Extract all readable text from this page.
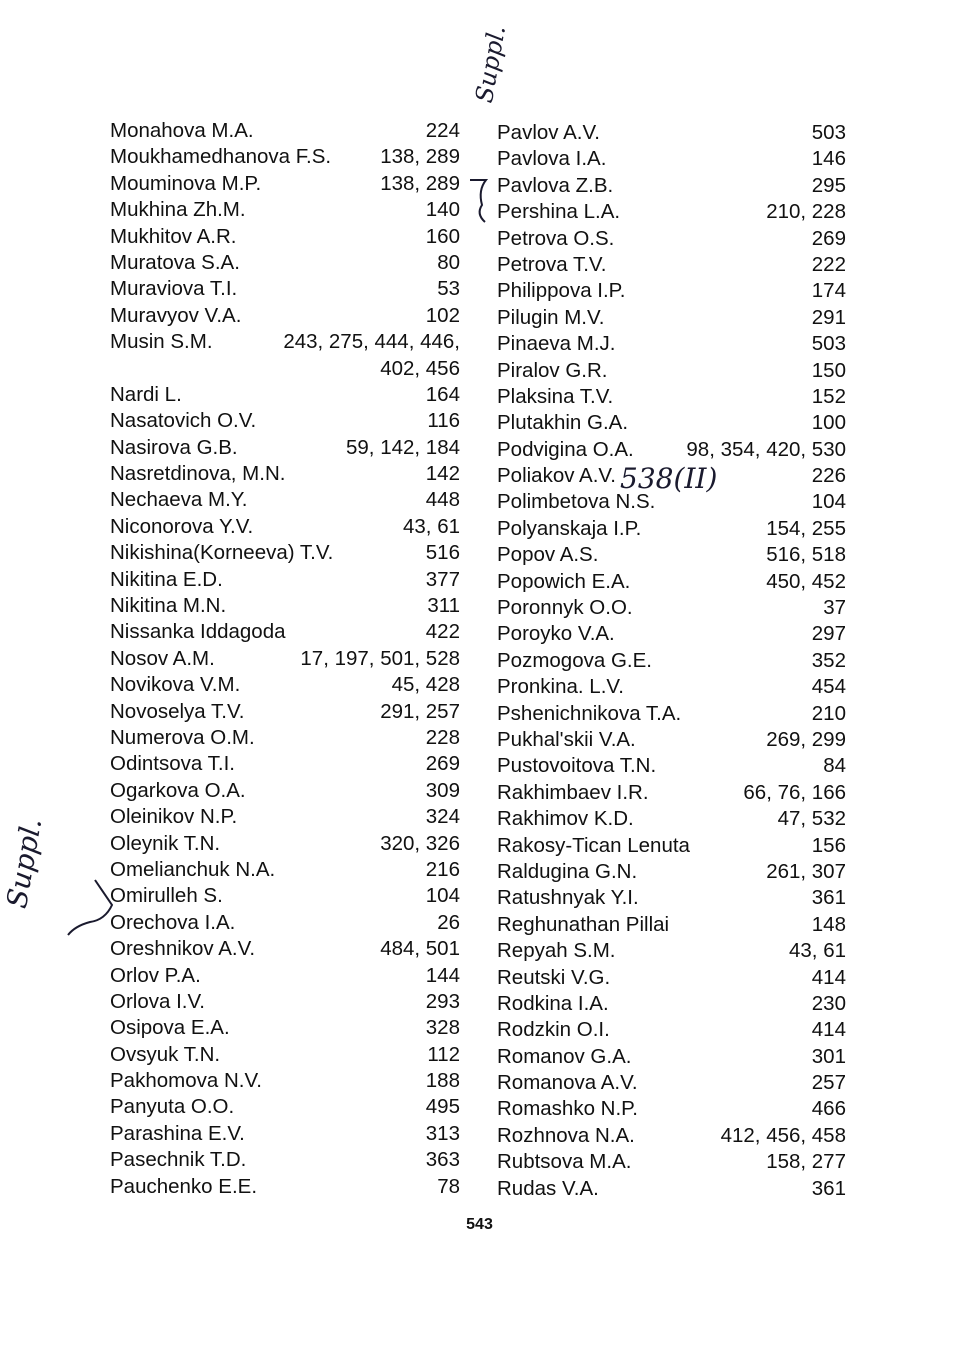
Monahova M.A.	224
Moukhamedhanova F.S. 138, 289
Mouminova M.P.	138, 289
Mukhina Zh.M.	140
Mukhitov A.R.	160
Muratova S.A.	80
Muraviova T.I.	53
Muravyov V.A.	102
Musin S.M.	243, 275, 444, 446,
402, 456
Nardi L.	164
Nasatovich O.V.	116
Nasirova G.B.	59, 142, 184
Nasretdinova, M.N.	142
Nechaeva M.Y.	448
Niconorova Y.V.	43, 61
Nikishina(Korneeva) T.V.	516
Nikitina E.D.	377
Nikitina M.N.	311
Nissanka Iddagoda	422
Nosov A.M.	17, 197, 501, 528
Novikova V.M.	45, 428
Novoselya T.V.	291, 257
Numerova O.M.	228
Odintsova T.I.	269
Ogarkova O.A.	309
Oleinikov N.P.	324
Oleynik T.N.	320, 326
Omelianchuk N.A.	216
Omirulleh S.	104
Orechova I.A.	26
Oreshnikov A.V.	484, 501
Orlov P.A.	144
Orlova I.V.	293
Osipova E.A.	328
Ovsyuk T.N.	112
Pakhomova N.V.	188
Panyuta O.O.	495
Parashina E.V.	313
Pasechnik T.D.	363
Pauchenko E.E.	78
Pavlov A.V.	503
Pavlova I.A.	146
Pavlova Z.B.	295
Pershina L.A.	210, 228
Petrova O.S.	269
Petrova T.V.	222
Philippova I.P.	174
Pilugin M.V.	291
Pinaeva M.J.	503
Piralov G.R.	150
Plaksina T.V.	152
Plutakhin G.A.	100
Podvigina O.A.	98, 354, 420, 530
Poliakov A.V.	226
Polimbetova N.S.	104
Polyanskaja I.P.	154, 255
Popov A.S.	516, 518
Popowich E.A.	450, 452
Poronnyk O.O.	37
Poroyko V.A.	297
Pozmogova G.E.	352
Pronkina. L.V.	454
Pshenichnikova T.A.	210
Pukhal'skii V.A.	269, 299
Pustovoitova T.N.	84
Rakhimbaev I.R.	66, 76, 166
Rakhimov K.D.	47, 532
Rakosy-Tican Lenuta	156
Raldugina G.N.	261, 307
Ratushnyak Y.I.	361
Reghunathan Pillai	148
Repyah S.M.	43, 61
Reutski V.G.	414
Rodkina I.A.	230
Rodzkin O.I.	414
Romanov G.A.	301
Romanova A.V.	257
Romashko N.P.	466
Rozhnova N.A.	412, 456, 458
Rubtsova M.A.	158, 277
Rudas V.A.	361
543
Suppl.
538(II)
Suppl.
